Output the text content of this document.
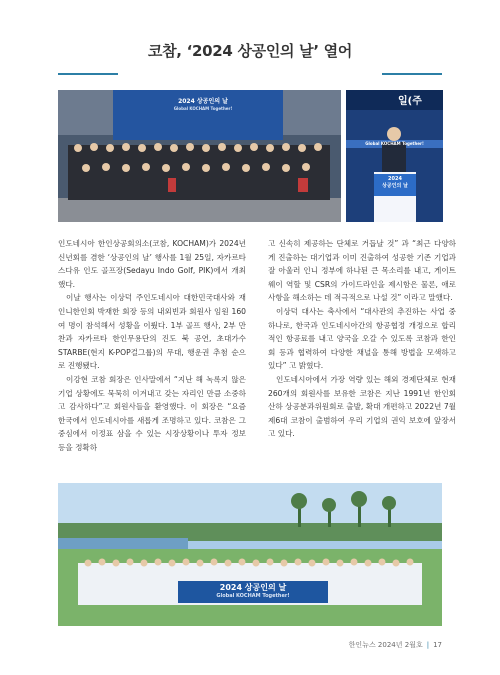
코참, ‘2024 상공인의 날’ 열어
2024 상공인의 날
Global KOCHAM Together!
일(주
Global KOCHAM Together!
2024
상공인의 날

인도네시아 한인상공회의소(코참, KOCHAM)가 2024년 신년회를 겸한 ‘상공인의 날’ 행사를 1월 25일, 자카르타 스다유 인도 골프장(Sedayu Indo Golf, PIK)에서 개최했다.

이날 행사는 이상덕 주인도네시아 대한민국대사와 재인니한인회 박재한 회장 등의 내외빈과 회원사 임원 160여 명이 참석해서 성황을 이뤘다. 1부 골프 행사, 2부 만찬과 자카르타 한인무용단의 진도 북 공연, 초대가수 STARBE(현지 K-POP걸그룹)의 무대, 행운권 추첨 순으로 진행됐다.

이강현 코참 회장은 인사말에서 “지난 해 녹록지 않은 기업 상황에도 묵묵히 이겨내고 갖는 자리인 만큼 소중하고 감사하다”고 회원사들을 환영했다. 이 회장은 “요즘 한국에서 인도네시아를 새롭게 조명하고 있다. 코참은 그 중심에서 이정표 삼을 수 있는 시장상황이나 투자 정보 등을 정확하

고 신속히 제공하는 단체로 거듭날 것” 과 “최근 다양하게 진출하는 대기업과 이미 진출하여 성공한 기존 기업과 잘 아울러 인니 정부에 하나된 큰 목소리를 내고, 게이트웨이 역할 및 CSR의 가이드라인을 제시함은 물론, 애로사항을 해소하는 데 적극적으로 나설 것” 이라고 말했다.

이상덕 대사는 축사에서 “대사관의 추진하는 사업 중 하나로, 한국과 인도네시아간의 항공협정 개정으로 합리적인 항공료를 내고 양국을 오갈 수 있도록 코참과 한인회 등과 협력하여 다양한 채널을 통해 방법을 모색하고 있다” 고 밝혔다.

인도네시아에서 가장 역량 있는 해외 경제단체로 현재 260개의 회원사를 보유한 코참은 지난 1991년 한인회 산하 상공분과위원회로 출발, 확대 개편하고 2022년 7월 제6대 코참이 출범하여 우리 기업의 권익 보호에 앞장서고 있다.

2024 상공인의 날
Global KOCHAM Together!
한인뉴스 2024년 2월호 | 17
